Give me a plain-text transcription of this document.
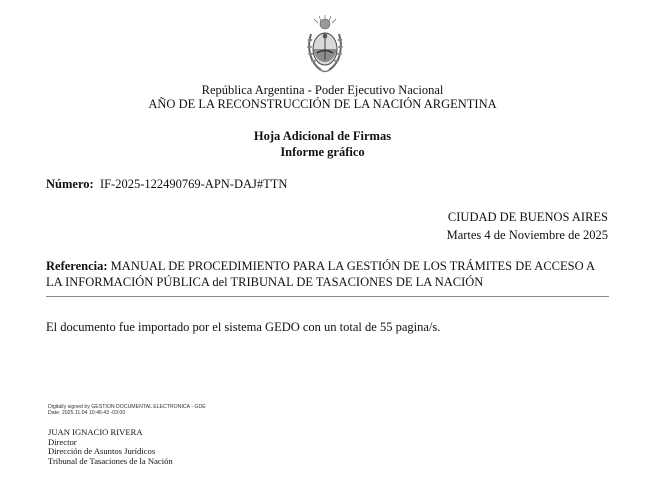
República Argentina - Poder Ejecutivo Nacional
AÑO DE LA RECONSTRUCCIÓN DE LA NACIÓN ARGENTINA
Hoja Adicional de Firmas
Informe gráfico
Número: IF-2025-122490769-APN-DAJ#TTN
CIUDAD DE BUENOS AIRES
Martes 4 de Noviembre de 2025
Referencia: MANUAL DE PROCEDIMIENTO PARA LA GESTIÓN DE LOS TRÁMITES DE ACCESO A LA INFORMACIÓN PÚBLICA del TRIBUNAL DE TASACIONES DE LA NACIÓN
El documento fue importado por el sistema GEDO con un total de 55 pagina/s.
Digitally signed by GESTION DOCUMENTAL ELECTRONICA - GDE
Date: 2025.11.04 10:46:43 -03:00
JUAN IGNACIO RIVERA
Director
Dirección de Asuntos Jurídicos
Tribunal de Tasaciones de la Nación
